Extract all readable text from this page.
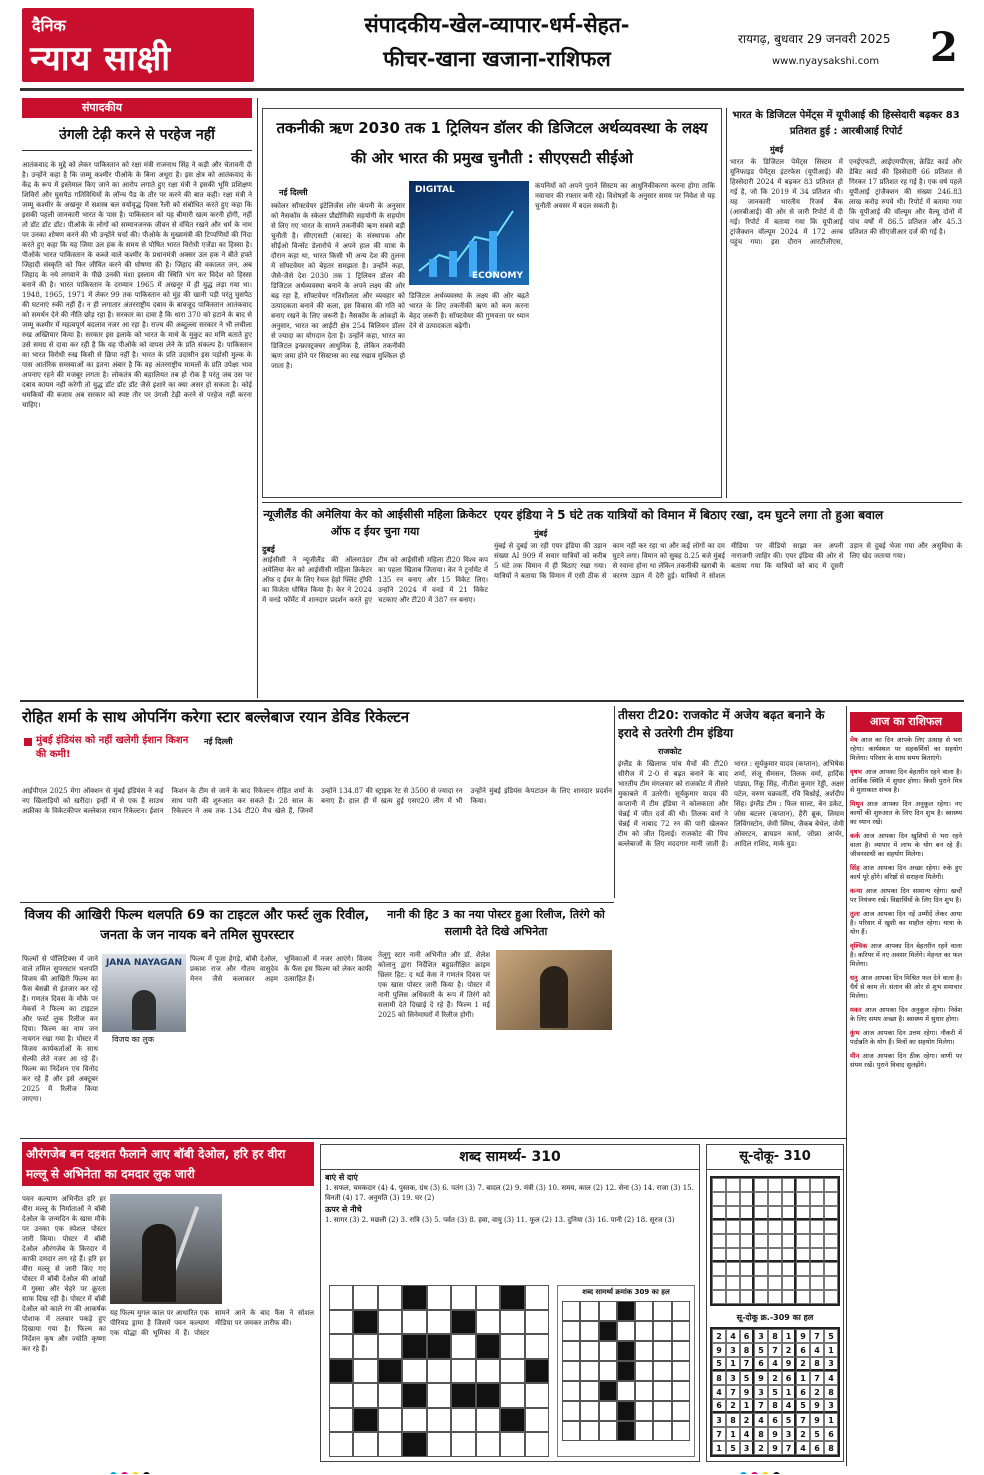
दैनिक
न्याय साक्षी
संपादकीय-खेल-व्यापार-धर्म-सेहत-
फीचर-खाना खजाना-राशिफल
रायगढ़, बुधवार 29 जनवरी 2025
www.nyaysakshi.com	2
संपादकीय
उंगली टेढ़ी करने से परहेज नहीं
आतंकवाद के मुद्दे को लेकर पाकिस्तान को रक्षा मंत्री राजनाथ सिंह ने कड़ी और चेतावनी दी है। उन्होंने कहा है कि जम्मू कश्मीर पीओके के बिना अधूरा है। इस क्षेत्र को आतंकवाद के केंद्र के रूप में इस्तेमाल किए जाने का आरोप लगाते हुए रक्षा मंत्री ने इसकी भूमि प्रशिक्षण शिविरों और घुसपैठ गतिविधियों के लॉन्च पैड के तौर पर करने की बात कही। रक्षा मंत्री ने जम्मू कश्मीर के अखनूर में सशस्त्र बल वयोवृद्ध दिवस रैली को संबोधित करते हुए कहा कि इसकी पहली जानकारी भारत के पास है। पाकिस्तान को यह बीमारी खत्म करनी होगी, नहीं तो डॉट डॉट डॉट। पीओके के लोगों को सम्मानजनक जीवन से वंचित रखने और धर्म के नाम पर उनका शोषण करने की भी उन्होंने चर्चा की। पीओके के मुख्यमंत्री की टिप्पणियों की निंदा करते हुए कहा कि यह जिया उल हक के समय से पोषित भारत विरोधी एजेंडा का हिस्सा है। पीओके भारत पाकिस्तान के कब्जे वाले कश्मीर के प्रधानमंत्री अक्सर उल हक ने बीते हफ्ते जिहादी संस्कृति को फिर जीवित करने की घोषणा की है। जिहाद की वकालत जन, अब जिहाद के नये लगवाने के पीछे उनकी मंशा इस्लाम की स्थिति भंग कर विदेश को हिस्सा बनाने की है। भारत पाकिस्तान के दरम्यान 1965 में अखनूर में ही युद्ध लड़ा गया था। 1948, 1965, 1971 में लेकर 99 तक पाकिस्तान को मुंह की खानी पड़ी परंतु घुसपैठ की घटनाएं रुकी नहीं हैं। न ही लगातार अंतरराष्ट्रीय दबाव के बावजूद पाकिस्तान आतंकवाद को समर्थन देने की नीति छोड़ रहा है। सरकार का दावा है कि धारा 370 को हटाने के बाद से जम्मू कश्मीर में महत्वपूर्ण बदलाव नजर आ रहा है। राज्य की अब्दुल्ला सरकार ने भी लचीला रुख अख्तियार किया है। सरकार इस इलाके को भारत के माथे के मुकुट का मणि बताते हुए उसे समग्र से दावा कर रही है कि वह पीओके को वापस लेने के प्रति संकल्प है। पाकिस्तान का भारत विरोधी रुख किसी से छिपा नहीं है। भारत के प्रति उदासीन इस पड़ोसी मुल्क के पास आतंरिक समस्याओं का इतना अंबार है कि वह अंतरराष्ट्रीय मामलों के प्रति उपेक्षा भाव अपनाए रहने की मजबूर लगता है। लोकतंत्र की बहालियत तब हो रोक है परंतु जब उस पर दबाव कायम नहीं करेगी तो युद्ध डॉट डॉट डॉट जैसे इशारे का क्या असर हो सकता है। कोई धमकियों की बजाय अब सरकार को स्पष्ट तौर पर उंगली टेढ़ी करने से परहेज नहीं करना चाहिए।
तकनीकी ऋण 2030 तक 1 ट्रिलियन डॉलर की डिजिटल अर्थव्यवस्था के लक्ष्य की ओर भारत की प्रमुख चुनौती : सीएएसटी सीईओ
नई दिल्ली	DIGITAL
ECONOMY
स्कोलर सॉफ्टवेयर इंटेलिजेंस लोर कंपनी के अनुसार को नैसकॉम के स्केलर प्रौद्योगिकी सहयोगी के सहयोग से लिए गए भारत के सामने तकनीकी ऋण सबसे बड़ी चुनौती है। सीएएसटी (कास्ट) के संस्थापक और सीईओ विन्सेंट डेलारोचे ने अपने हाल की यात्रा के दौरान कहा था, भारत किसी भी अन्य देश की तुलना में सॉफ्टवेयर को बेहतर समझता है। उन्होंने कहा, जैसे-जैसे देश 2030 तक 1 ट्रिलियन डॉलर की डिजिटल अर्थव्यवस्था बनाने के अपने लक्ष्य की ओर बढ़ रहा है, सॉफ्टवेयर गतिशीलता और व्यवहार को उत्पादकता बनाने की कला, इस विकास की गति को बनाए रखने के लिए जरूरी है। नैसकॉम के आंकड़ों के अनुसार, भारत का आईटी क्षेत्र 254 बिलियन डॉलर से ज्यादा का योगदान देता है। उन्होंने कहा, भारत का डिजिटल इन्फ्रास्ट्रक्चर आधुनिक है, लेकिन तकनीकी ऋण जमा होने पर सिस्टम्स का रख रखाव मुश्किल हो जाता है।
डिजिटल अर्थव्यवस्था के लक्ष्य की ओर बढ़ते भारत के लिए तकनीकी ऋण को कम करना बेहद जरूरी है। सॉफ्टवेयर की गुणवत्ता पर ध्यान देने से उत्पादकता बढ़ेगी।
कंपनियों को अपने पुराने सिस्टम का आधुनिकीकरण करना होगा ताकि नवाचार की रफ्तार बनी रहे। विशेषज्ञों के अनुसार समय पर निवेश से यह चुनौती अवसर में बदल सकती है।
भारत के डिजिटल पेमेंट्स में यूपीआई की हिस्सेदारी बढ़कर 83 प्रतिशत हुई : आरबीआई रिपोर्ट
मुंबई
भारत के डिजिटल पेमेंट्स सिस्टम में यूनिफाइड पेमेंट्स इंटरफेस (यूपीआई) की हिस्सेदारी 2024 में बढ़कर 83 प्रतिशत हो गई है, जो कि 2019 में 34 प्रतिशत थी। यह जानकारी भारतीय रिजर्व बैंक (आरबीआई) की ओर से जारी रिपोर्ट में दी गई। रिपोर्ट में बताया गया कि यूपीआई ट्रांजैक्शन वॉल्यूम 2024 में 172 अरब पहुंच गया। इस दौरान आरटीजीएस, एनईएफटी, आईएमपीएस, क्रेडिट कार्ड और डेबिट कार्ड की हिस्सेदारी 66 प्रतिशत से गिरकर 17 प्रतिशत रह गई है। एक वर्ष पहले यूपीआई ट्रांजैक्शन की संख्या 246.83 लाख करोड़ रुपये थी। रिपोर्ट में बताया गया कि यूपीआई की वॉल्यूम और वैल्यू दोनों में पांच वर्षों में 86.5 प्रतिशत और 45.3 प्रतिशत की सीएजीआर दर्ज की गई है।
न्यूजीलैंड की अमेलिया केर को आईसीसी महिला क्रिकेटर ऑफ द ईयर चुना गया
दुबई
आईसीसी ने न्यूजीलैंड की ऑलराउंडर अमेलिया केर को आईसीसी महिला क्रिकेटर ऑफ द ईयर के लिए रेचल हेहो फ्लिंट ट्रॉफी का विजेता घोषित किया है। केर ने 2024 में वनडे फॉर्मेट में शानदार प्रदर्शन करते हुए टीम को आईसीसी महिला टी20 विश्व कप का पहला खिताब जिताया। केर ने टूर्नामेंट में 135 रन बनाए और 15 विकेट लिए। उन्होंने 2024 में वनडे में 21 विकेट चटकाए और टी20 में 387 रन बनाए।
एयर इंडिया ने 5 घंटे तक यात्रियों को विमान में बिठाए रखा, दम घुटने लगा तो हुआ बवाल
मुंबई
मुंबई से दुबई जा रही एयर इंडिया की उड़ान संख्या AI 909 में सवार यात्रियों को करीब 5 घंटे तक विमान में ही बिठाए रखा गया। यात्रियों ने बताया कि विमान में एसी ठीक से काम नहीं कर रहा था और कई लोगों का दम घुटने लगा। विमान को सुबह 8.25 बजे मुंबई से रवाना होना था लेकिन तकनीकी खराबी के कारण उड़ान में देरी हुई। यात्रियों ने सोशल मीडिया पर वीडियो साझा कर अपनी नाराजगी जाहिर की। एयर इंडिया की ओर से बताया गया कि यात्रियों को बाद में दूसरी उड़ान से दुबई भेजा गया और असुविधा के लिए खेद जताया गया।
रोहित शर्मा के साथ ओपनिंग करेगा स्टार बल्लेबाज रयान डेविड रिकेल्टन
मुंबई इंडियंस को नहीं खलेगी ईशान किशन की कमी!
नई दिल्ली
आईपीएल 2025 मेगा ऑक्शन से मुंबई इंडियंस ने कई नए खिलाड़ियों को खरीदा। इन्हीं में से एक हैं साउथ अफ्रीका के विकेटकीपर बल्लेबाज रयान रिकेल्टन। ईशान किशन के टीम से जाने के बाद रिकेल्टन रोहित शर्मा के साथ पारी की शुरुआत कर सकते हैं। 28 साल के रिकेल्टन ने अब तक 134 टी20 मैच खेले हैं, जिनमें उन्होंने 134.87 की स्ट्राइक रेट से 3500 से ज्यादा रन बनाए हैं। हाल ही में खत्म हुई एसए20 लीग में भी उन्होंने मुंबई इंडियंस केपटाउन के लिए शानदार प्रदर्शन किया।
तीसरा टी20: राजकोट में अजेय बढ़त बनाने के इरादे से उतरेगी टीम इंडिया
राजकोट
इंग्लैंड के खिलाफ पांच मैचों की टी20 सीरीज में 2-0 से बढ़त बनाने के बाद भारतीय टीम मंगलवार को राजकोट में तीसरे मुकाबले में उतरेगी। सूर्यकुमार यादव की कप्तानी में टीम इंडिया ने कोलकाता और चेन्नई में जीत दर्ज की थी। तिलक वर्मा ने चेन्नई में नाबाद 72 रन की पारी खेलकर टीम को जीत दिलाई। राजकोट की पिच बल्लेबाजों के लिए मददगार मानी जाती है। भारत : सूर्यकुमार यादव (कप्तान), अभिषेक शर्मा, संजू सैमसन, तिलक वर्मा, हार्दिक पांड्या, रिंकू सिंह, नीतीश कुमार रेड्डी, अक्षर पटेल, वरुण चक्रवर्ती, रवि बिश्नोई, अर्शदीप सिंह। इंग्लैंड टीम : फिल साल्ट, बेन डकेट, जोस बटलर (कप्तान), हैरी ब्रूक, लियाम लिविंगस्टोन, जेमी स्मिथ, जैकब बेथेल, जेमी ओवरटन, ब्रायडन कार्स, जोफ्रा आर्चर, आदिल राशिद, मार्क वुड।
आज का राशिफल
मेष आज का दिन आपके लिए उत्साह से भरा रहेगा। कार्यस्थल पर सहकर्मियों का सहयोग मिलेगा। परिवार के साथ समय बिताएंगे।
वृषभ आज आपका दिन बेहतरीन रहने वाला है। आर्थिक स्थिति में सुधार होगा। किसी पुराने मित्र से मुलाकात संभव है।
मिथुन आज आपका दिन अनुकूल रहेगा। नए कार्यों की शुरुआत के लिए दिन शुभ है। स्वास्थ्य का ध्यान रखें।
कर्क आज आपका दिन खुशियों से भरा रहने वाला है। व्यापार में लाभ के योग बन रहे हैं। जीवनसाथी का सहयोग मिलेगा।
सिंह आज आपका दिन अच्छा रहेगा। रुके हुए कार्य पूरे होंगे। वरिष्ठों से सराहना मिलेगी।
कन्या आज आपका दिन सामान्य रहेगा। खर्चों पर नियंत्रण रखें। विद्यार्थियों के लिए दिन शुभ है।
तुला आज आपका दिन नई उम्मीदें लेकर आया है। परिवार में खुशी का माहौल रहेगा। यात्रा के योग हैं।
वृश्चिक आज आपका दिन बेहतरीन रहने वाला है। करियर में नए अवसर मिलेंगे। मेहनत का फल मिलेगा।
धनु आज आपका दिन मिश्रित फल देने वाला है। धैर्य से काम लें। संतान की ओर से शुभ समाचार मिलेगा।
मकर आज आपका दिन अनुकूल रहेगा। निवेश के लिए समय अच्छा है। स्वास्थ्य में सुधार होगा।
कुंभ आज आपका दिन उत्तम रहेगा। नौकरी में पदोन्नति के योग हैं। मित्रों का सहयोग मिलेगा।
मीन आज आपका दिन ठीक रहेगा। वाणी पर संयम रखें। पुराने विवाद सुलझेंगे।
विजय की आखिरी फिल्म थलपति 69 का टाइटल और फर्स्ट लुक रिवील, जनता के जन नायक बने तमिल सुपरस्टार
JANA NAYAGAN
विजय का लुक
फिल्मों से पॉलिटिक्स में जाने वाले तमिल सुपरस्टार थलपति विजय की आखिरी फिल्म का फैंस बेसब्री से इंतजार कर रहे हैं। गणतंत्र दिवस के मौके पर मेकर्स ने फिल्म का टाइटल और फर्स्ट लुक रिलीज कर दिया। फिल्म का नाम जन नायगन रखा गया है। पोस्टर में विजय कार्यकर्ताओं के साथ सेल्फी लेते नजर आ रहे हैं। फिल्म का निर्देशन एच विनोद कर रहे हैं और इसे अक्टूबर 2025 में रिलीज किया जाएगा।
फिल्म में पूजा हेगड़े, बॉबी देओल, प्रकाश राज और गौतम वासुदेव मेनन जैसे कलाकार अहम भूमिकाओं में नजर आएंगे। विजय के फैंस इस फिल्म को लेकर काफी उत्साहित हैं।
नानी की हिट 3 का नया पोस्टर हुआ रिलीज, तिरंगे को सलामी देते दिखे अभिनेता
तेलुगु स्टार नानी अभिनीत और डॉ. शैलेश कोलानु द्वारा निर्देशित बहुप्रतीक्षित क्राइम थ्रिलर हिट: द थर्ड केस ने गणतंत्र दिवस पर एक खास पोस्टर जारी किया है। पोस्टर में नानी पुलिस अधिकारी के रूप में तिरंगे को सलामी देते दिखाई दे रहे हैं। फिल्म 1 मई 2025 को सिनेमाघरों में रिलीज होगी।
औरंगजेब बन दहशत फैलाने आए बॉबी देओल, हरि हर वीरा मल्लू से अभिनेता का दमदार लुक जारी
पवन कल्याण अभिनीत हरि हर वीरा मल्लू के निर्माताओं ने बॉबी देओल के जन्मदिन के खास मौके पर उनका एक स्पेशल पोस्टर जारी किया। पोस्टर में बॉबी देओल औरंगजेब के किरदार में काफी दमदार लग रहे हैं। हरि हर वीरा मल्लू से जारी किए गए पोस्टर में बॉबी देओल की आंखों में गुस्सा और चेहरे पर क्रूरता साफ दिख रही है। पोस्टर में बॉबी देओल को काले रंग की आकर्षक पोशाक में तलवार पकड़े हुए दिखाया गया है। फिल्म का निर्देशन कृष और ज्योति कृष्णा कर रहे हैं।
यह फिल्म मुगल काल पर आधारित एक पीरियड ड्रामा है जिसमें पवन कल्याण एक योद्धा की भूमिका में हैं। पोस्टर सामने आने के बाद फैंस ने सोशल मीडिया पर जमकर तारीफ की।
शब्द सामर्थ्य- 310
बाएं से दाएं
1. सफल, चमकदार (4) 4. पुस्तक, ग्रंथ (3) 6. पतंग (3) 7. बादल (2) 9. मंत्री (3) 10. समय, काल (2) 12. सेना (3) 14. राजा (3) 15. विनती (4) 17. अनुमति (3) 19. घर (2)
ऊपर से नीचे
1. सागर (3) 2. मछली (2) 3. रात्रि (3) 5. पर्वत (3) 8. हवा, वायु (3) 11. फूल (2) 13. दुनिया (3) 16. पानी (2) 18. सूरज (3)
शब्द सामर्थ्य क्रमांक 309 का हल
सू-दोकू- 310
सू-दोकू क्र.-309 का हल
2	4 6	3	8 1	9	7	5
9	3 8	5	7 2	6	4	1
5	1 7	6	4 9	2	8	3
8	3 5	9	2 6	1	7	4
4	7 9	3	5 1	6	2	8
6	2 1	7	8 4	5	9	3
3	8 2	4	6 5	7	9	1
7	1 4	8	9 3	2	5	6
1	5 3	2	9 7	4	6	8
